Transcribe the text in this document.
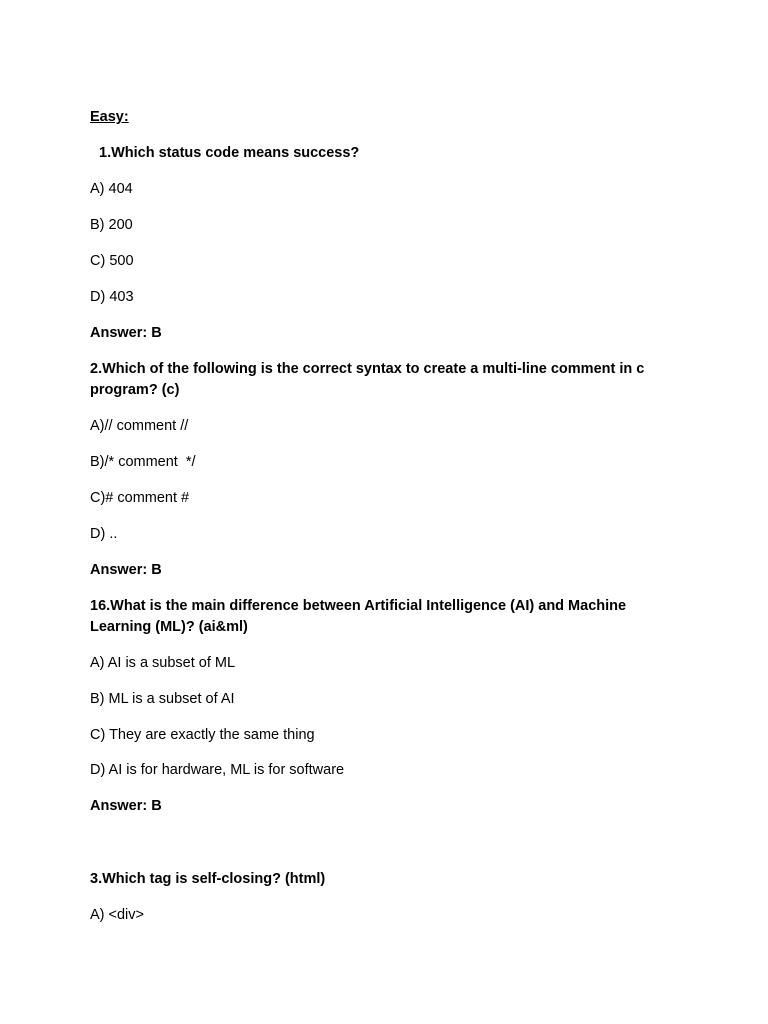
Easy:

1.Which status code means success?

A) 404

B) 200

C) 500

D) 403

Answer: B

2.Which of the following is the correct syntax to create a multi-line comment in c program? (c)

A)// comment //

B)/* comment  */

C)# comment #

D) ..

Answer: B

16.What is the main difference between Artificial Intelligence (AI) and Machine Learning (ML)? (ai&ml)

A) AI is a subset of ML

B) ML is a subset of AI

C) They are exactly the same thing

D) AI is for hardware, ML is for software

Answer: B

3.Which tag is self-closing? (html)

A) <div>
